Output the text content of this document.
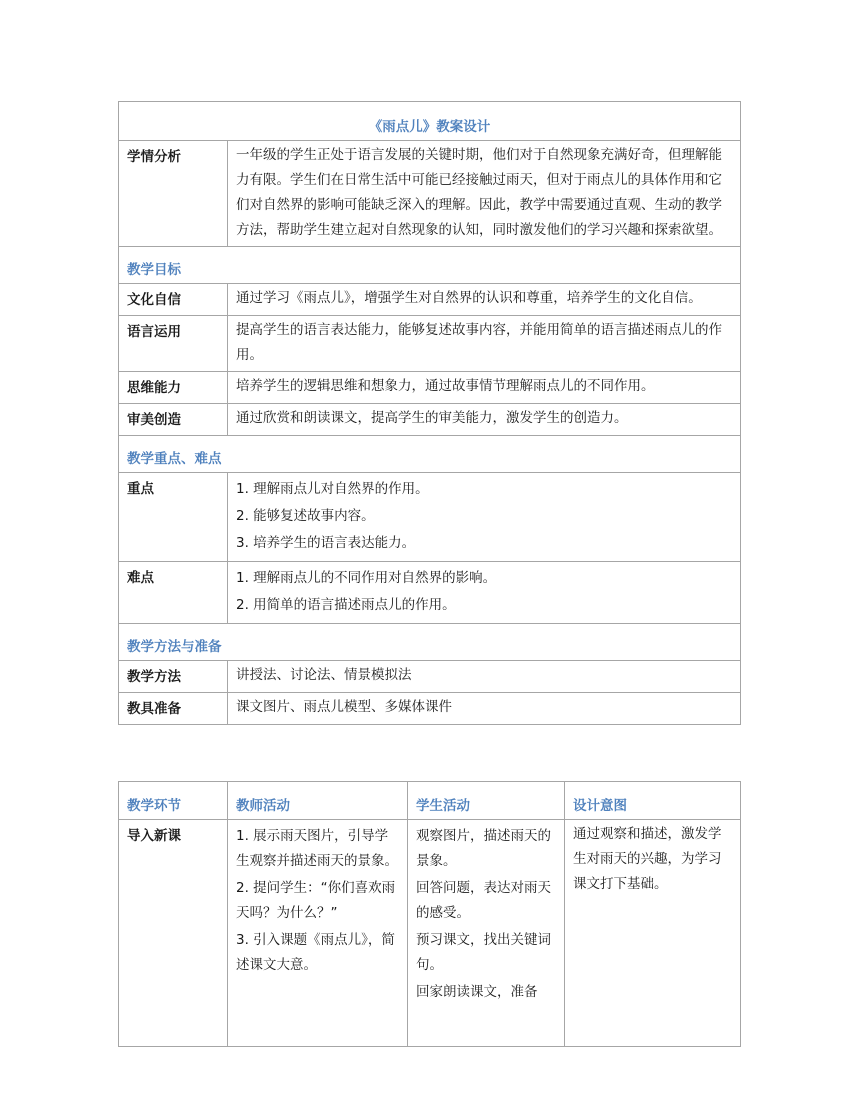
《雨点儿》教案设计	
学情分析	一年级的学生正处于语言发展的关键时期，他们对于自然现象充满好奇，但理解能力有限。学生们在日常生活中可能已经接触过雨天，但对于雨点儿的具体作用和它们对自然界的影响可能缺乏深入的理解。因此，教学中需要通过直观、生动的教学方法，帮助学生建立起对自然现象的认知，同时激发他们的学习兴趣和探索欲望。
教学目标	
文化自信	通过学习《雨点儿》，增强学生对自然界的认识和尊重，培养学生的文化自信。
语言运用	提高学生的语言表达能力，能够复述故事内容，并能用简单的语言描述雨点儿的作用。
思维能力	培养学生的逻辑思维和想象力，通过故事情节理解雨点儿的不同作用。
审美创造	通过欣赏和朗读课文，提高学生的审美能力，激发学生的创造力。
教学重点、难点	
重点	1. 理解雨点儿对自然界的作用。
2. 能够复述故事内容。
3. 培养学生的语言表达能力。

难点	1. 理解雨点儿的不同作用对自然界的影响。
2. 用简单的语言描述雨点儿的作用。

教学方法与准备	
教学方法	讲授法、讨论法、情景模拟法
教具准备	课文图片、雨点儿模型、多媒体课件
教学环节	教师活动	学生活动	设计意图
导入新课	1. 展示雨天图片，引导学生观察并描述雨天的景象。
2. 提问学生：“你们喜欢雨天吗？为什么？”
3. 引入课题《雨点儿》，简述课文大意。	观察图片，描述雨天的景象。
回答问题，表达对雨天的感受。
预习课文，找出关键词句。
回家朗读课文，准备	通过观察和描述，激发学生对雨天的兴趣，为学习课文打下基础。
